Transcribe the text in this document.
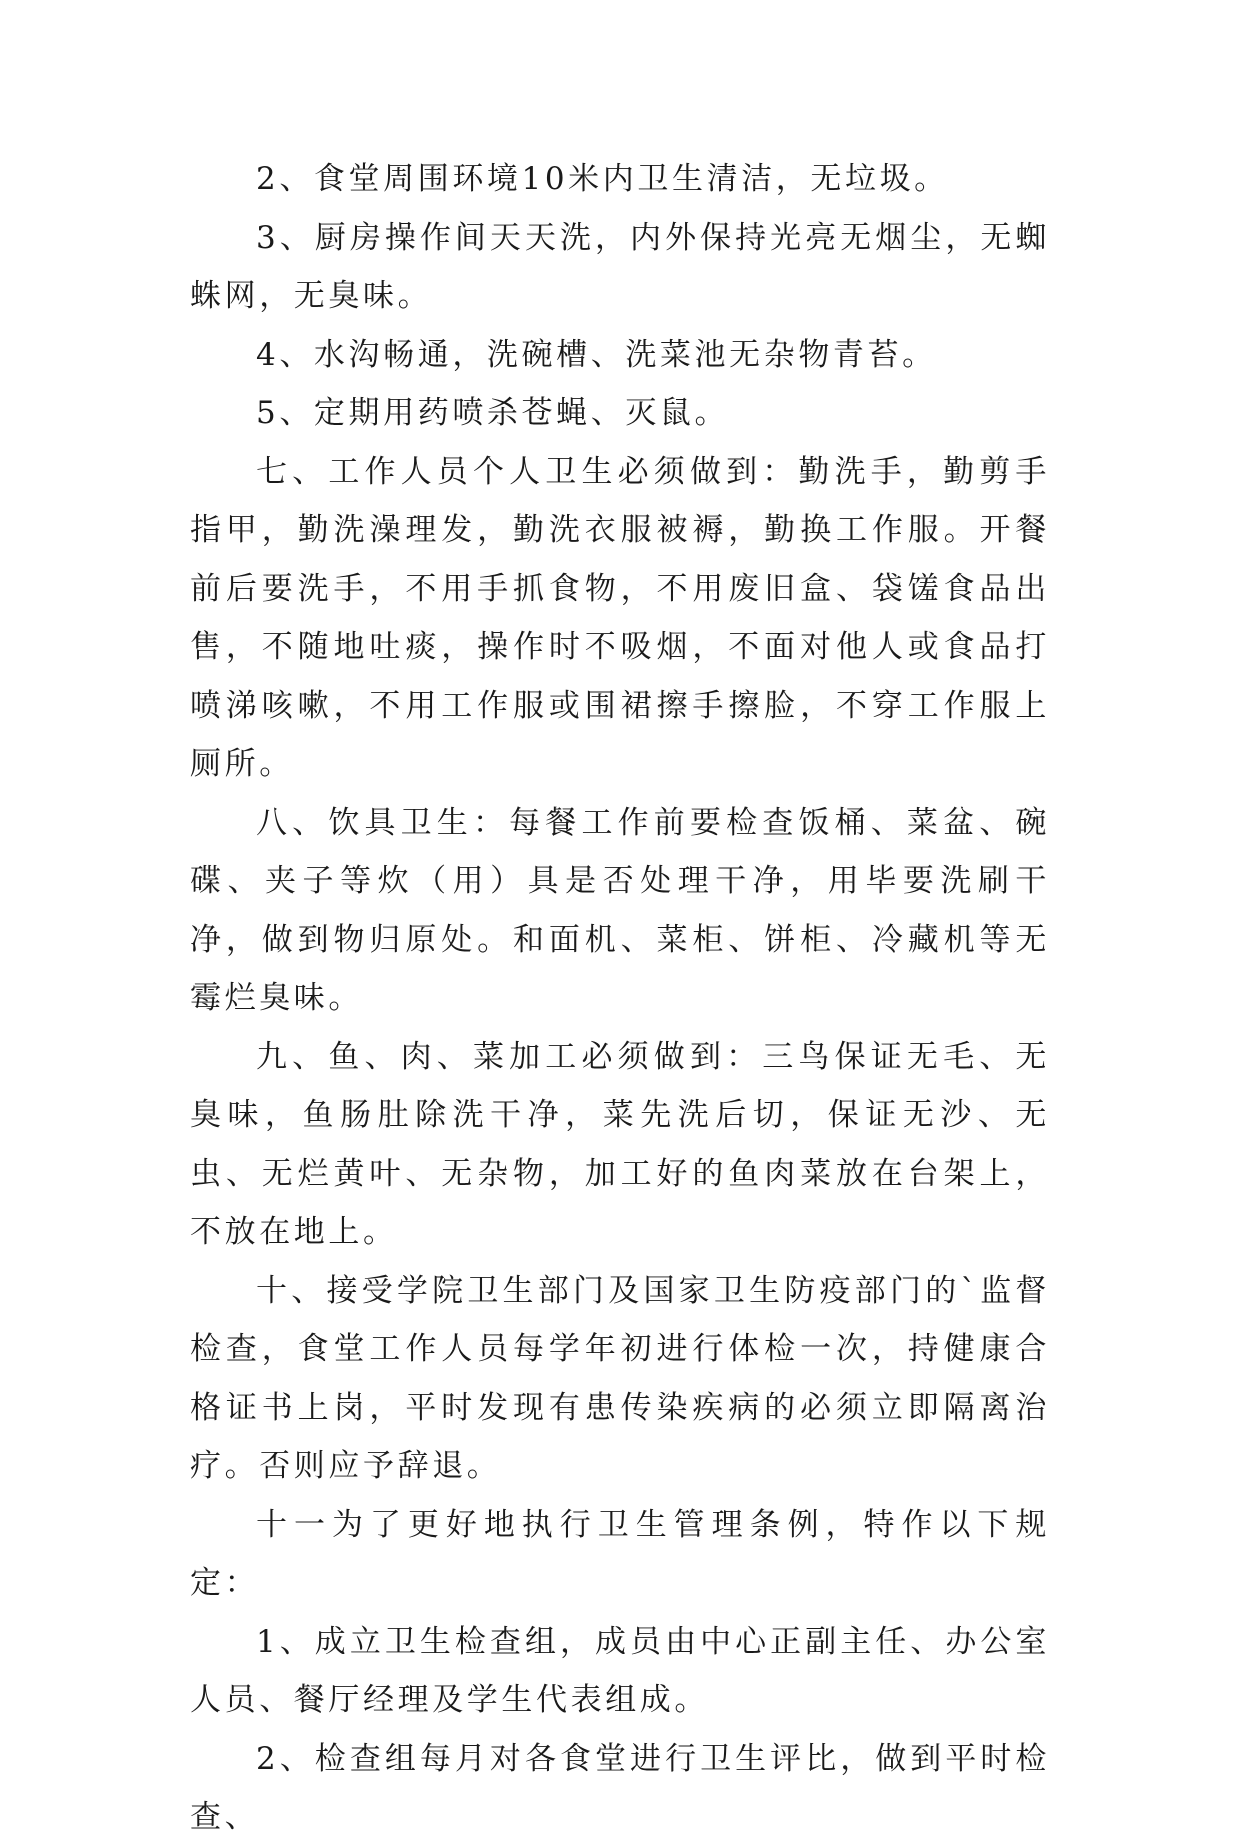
2、食堂周围环境10米内卫生清洁，无垃圾。

3、厨房操作间天天洗，内外保持光亮无烟尘，无蜘蛛网，无臭味。

4、水沟畅通，洗碗槽、洗菜池无杂物青苔。

5、定期用药喷杀苍蝇、灭鼠。

七、工作人员个人卫生必须做到：勤洗手，勤剪手指甲，勤洗澡理发，勤洗衣服被褥，勤换工作服。开餐前后要洗手，不用手抓食物，不用废旧盒、袋馐食品出售，不随地吐痰，操作时不吸烟，不面对他人或食品打喷涕咳嗽，不用工作服或围裙擦手擦脸，不穿工作服上厕所。

八、饮具卫生：每餐工作前要检查饭桶、菜盆、碗碟、夹子等炊（用）具是否处理干净，用毕要洗刷干净，做到物归原处。和面机、菜柜、饼柜、冷藏机等无霉烂臭味。

九、鱼、肉、菜加工必须做到：三鸟保证无毛、无臭味，鱼肠肚除洗干净，菜先洗后切，保证无沙、无虫、无烂黄叶、无杂物，加工好的鱼肉菜放在台架上，不放在地上。

十、接受学院卫生部门及国家卫生防疫部门的`监督检查，食堂工作人员每学年初进行体检一次，持健康合格证书上岗，平时发现有患传染疾病的必须立即隔离治疗。否则应予辞退。

十一为了更好地执行卫生管理条例，特作以下规定：

1、成立卫生检查组，成员由中心正副主任、办公室人员、餐厅经理及学生代表组成。

2、检查组每月对各食堂进行卫生评比，做到平时检查、
